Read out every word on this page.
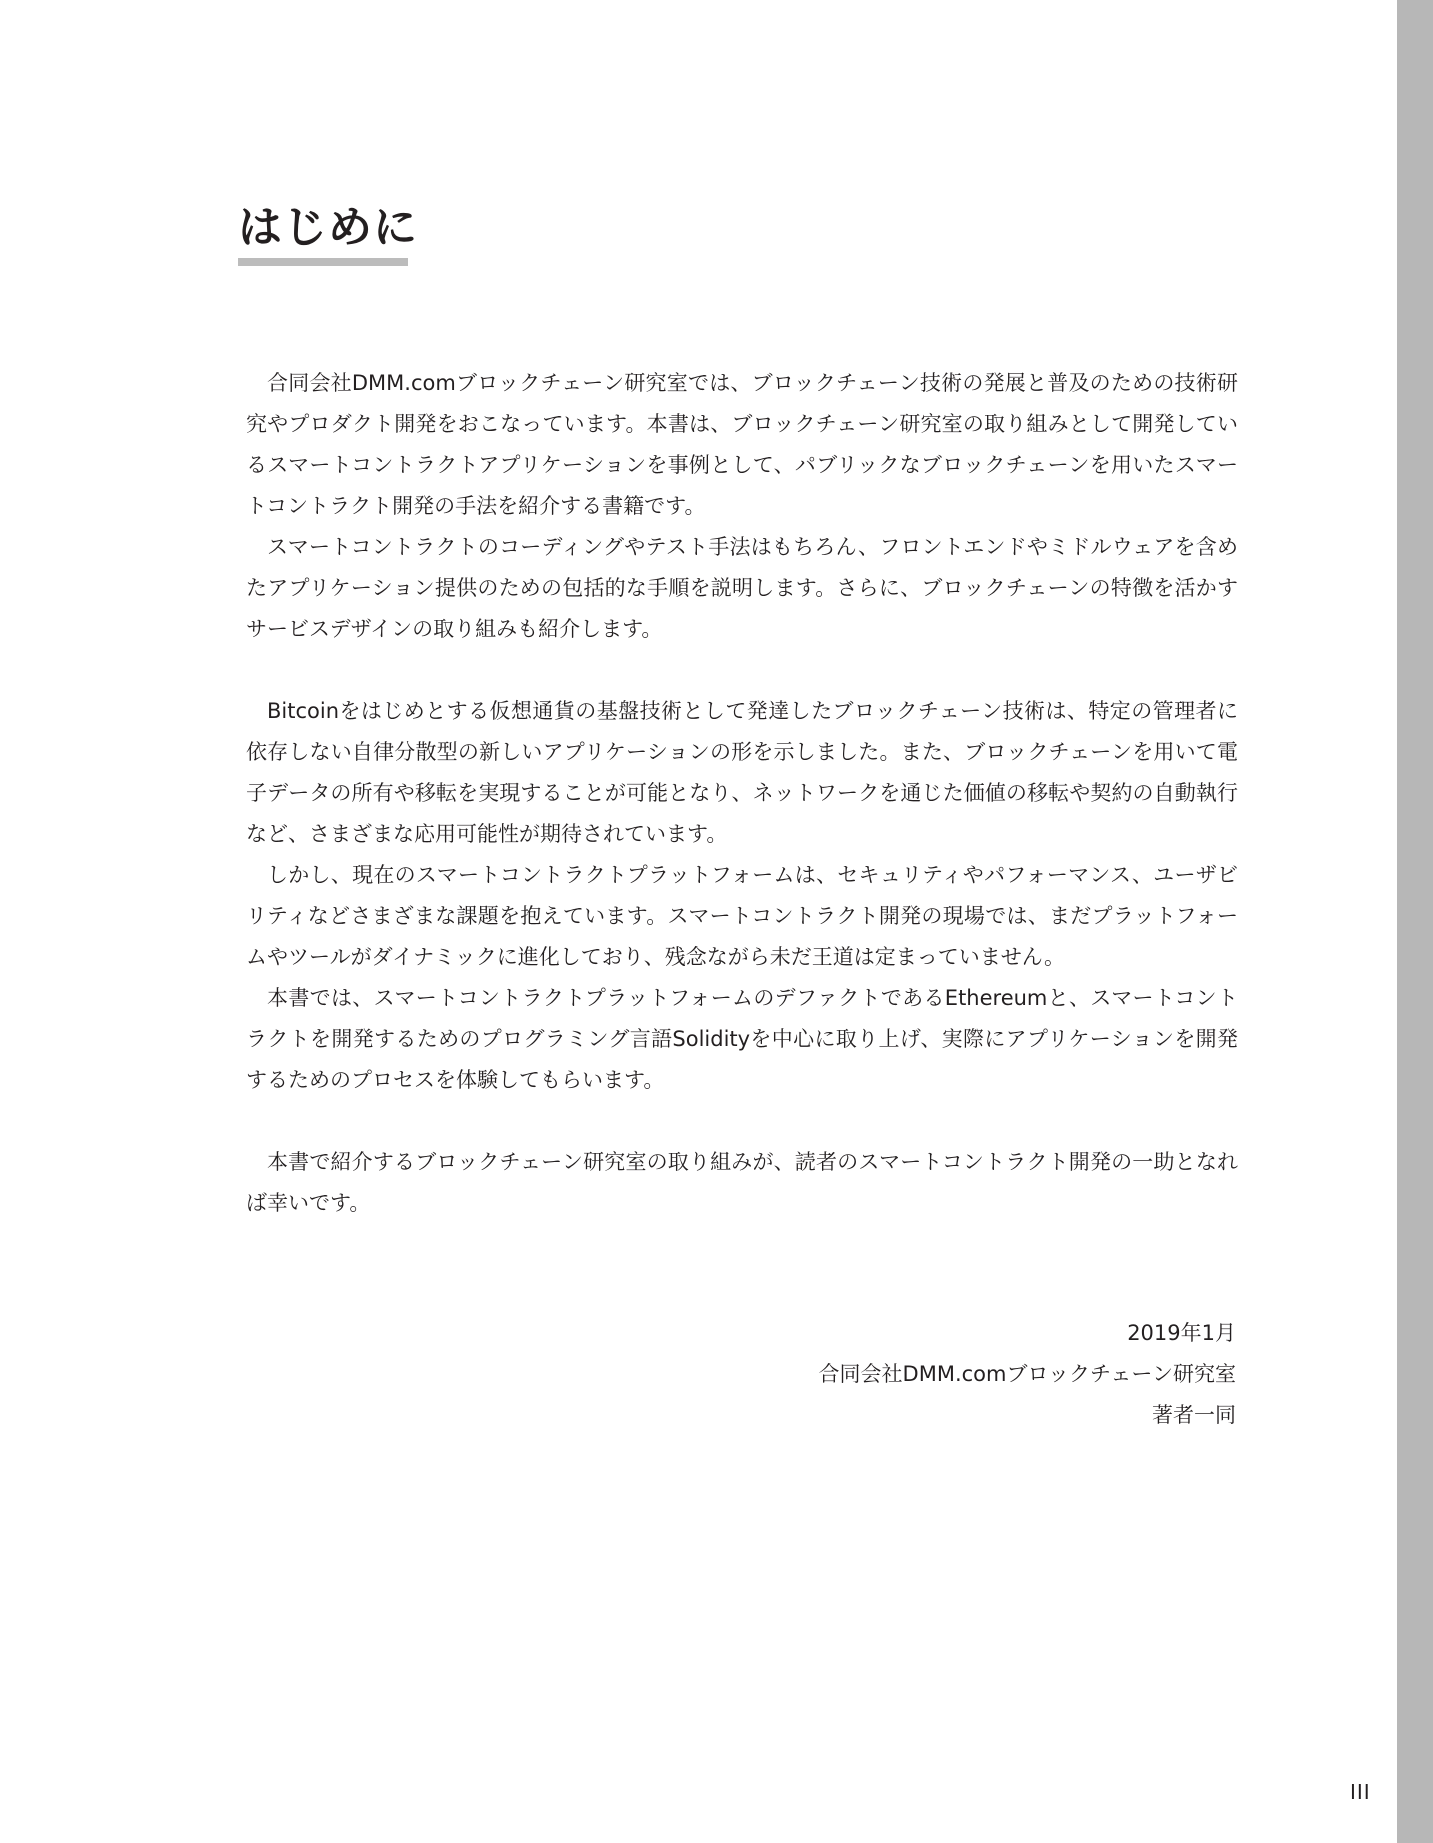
はじめに

合同会社DMM.comブロックチェーン研究室では、ブロックチェーン技術の発展と普及のための技術研究やプロダクト開発をおこなっています。本書は、ブロックチェーン研究室の取り組みとして開発しているスマートコントラクトアプリケーションを事例として、パブリックなブロックチェーンを用いたスマートコントラクト開発の手法を紹介する書籍です。

スマートコントラクトのコーディングやテスト手法はもちろん、フロントエンドやミドルウェアを含めたアプリケーション提供のための包括的な手順を説明します。さらに、ブロックチェーンの特徴を活かすサービスデザインの取り組みも紹介します。

Bitcoinをはじめとする仮想通貨の基盤技術として発達したブロックチェーン技術は、特定の管理者に依存しない自律分散型の新しいアプリケーションの形を示しました。また、ブロックチェーンを用いて電子データの所有や移転を実現することが可能となり、ネットワークを通じた価値の移転や契約の自動執行など、さまざまな応用可能性が期待されています。

しかし、現在のスマートコントラクトプラットフォームは、セキュリティやパフォーマンス、ユーザビリティなどさまざまな課題を抱えています。スマートコントラクト開発の現場では、まだプラットフォームやツールがダイナミックに進化しており、残念ながら未だ王道は定まっていません。

本書では、スマートコントラクトプラットフォームのデファクトであるEthereumと、スマートコントラクトを開発するためのプログラミング言語Solidityを中心に取り上げ、実際にアプリケーションを開発するためのプロセスを体験してもらいます。

本書で紹介するブロックチェーン研究室の取り組みが、読者のスマートコントラクト開発の一助となれば幸いです。

2019年1月
合同会社DMM.comブロックチェーン研究室
著者一同
III
